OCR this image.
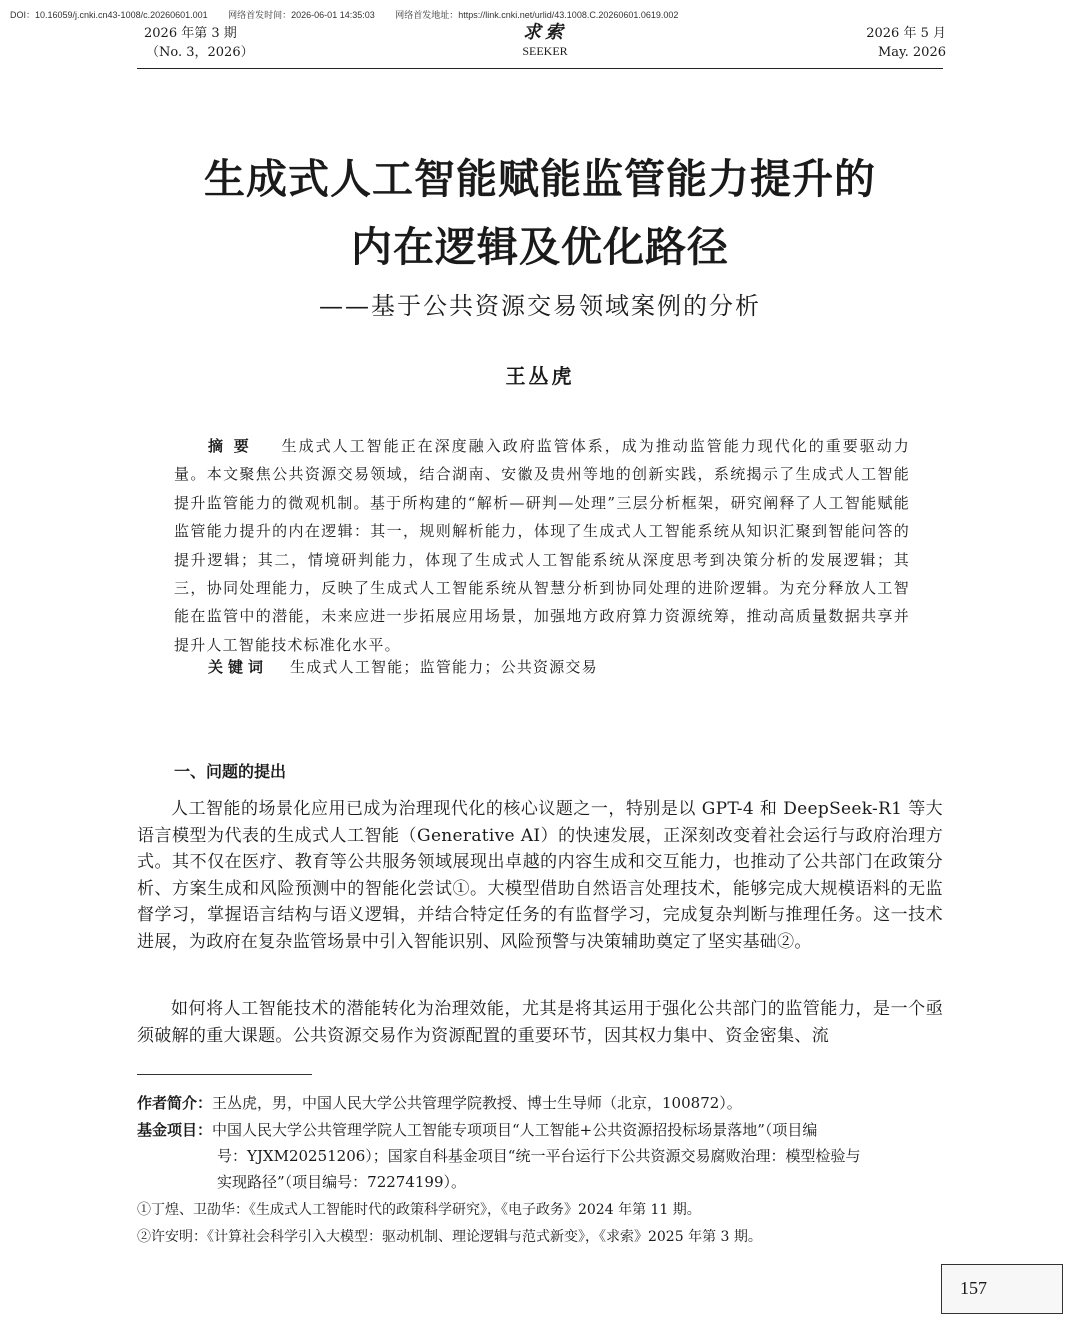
DOI：10.16059/j.cnki.cn43-1008/c.20260601.001 网络首发时间：2026-06-01 14:35:03 网络首发地址：https://link.cnki.net/urlid/43.1008.C.20260601.0619.002
2026 年第 3 期
（No. 3，2026）
求索
SEEKER
2026 年 5 月
May. 2026
生成式人工智能赋能监管能力提升的
内在逻辑及优化路径
——基于公共资源交易领域案例的分析
王丛虎
摘要 生成式人工智能正在深度融入政府监管体系，成为推动监管能力现代化的重要驱动力量。本文聚焦公共资源交易领域，结合湖南、安徽及贵州等地的创新实践，系统揭示了生成式人工智能提升监管能力的微观机制。基于所构建的“解析—研判—处理”三层分析框架，研究阐释了人工智能赋能监管能力提升的内在逻辑：其一，规则解析能力，体现了生成式人工智能系统从知识汇聚到智能问答的提升逻辑；其二，情境研判能力，体现了生成式人工智能系统从深度思考到决策分析的发展逻辑；其三，协同处理能力，反映了生成式人工智能系统从智慧分析到协同处理的进阶逻辑。为充分释放人工智能在监管中的潜能，未来应进一步拓展应用场景，加强地方政府算力资源统筹，推动高质量数据共享并提升人工智能技术标准化水平。
关键词 生成式人工智能；监管能力；公共资源交易
一、问题的提出

人工智能的场景化应用已成为治理现代化的核心议题之一，特别是以 GPT-4 和 DeepSeek-R1 等大语言模型为代表的生成式人工智能（Generative AI）的快速发展，正深刻改变着社会运行与政府治理方式。其不仅在医疗、教育等公共服务领域展现出卓越的内容生成和交互能力，也推动了公共部门在政策分析、方案生成和风险预测中的智能化尝试①。大模型借助自然语言处理技术，能够完成大规模语料的无监督学习，掌握语言结构与语义逻辑，并结合特定任务的有监督学习，完成复杂判断与推理任务。这一技术进展，为政府在复杂监管场景中引入智能识别、风险预警与决策辅助奠定了坚实基础②。

如何将人工智能技术的潜能转化为治理效能，尤其是将其运用于强化公共部门的监管能力，是一个亟须破解的重大课题。公共资源交易作为资源配置的重要环节，因其权力集中、资金密集、流

作者简介：王丛虎，男，中国人民大学公共管理学院教授、博士生导师（北京，100872）。
基金项目：中国人民大学公共管理学院人工智能专项项目“人工智能+公共资源招投标场景落地”（项目编
号：YJXM20251206）；国家自科基金项目“统一平台运行下公共资源交易腐败治理：模型检验与
实现路径”（项目编号：72274199）。
①丁煌、卫劭华：《生成式人工智能时代的政策科学研究》，《电子政务》2024 年第 11 期。
②许安明：《计算社会科学引入大模型：驱动机制、理论逻辑与范式新变》，《求索》2025 年第 3 期。
157
